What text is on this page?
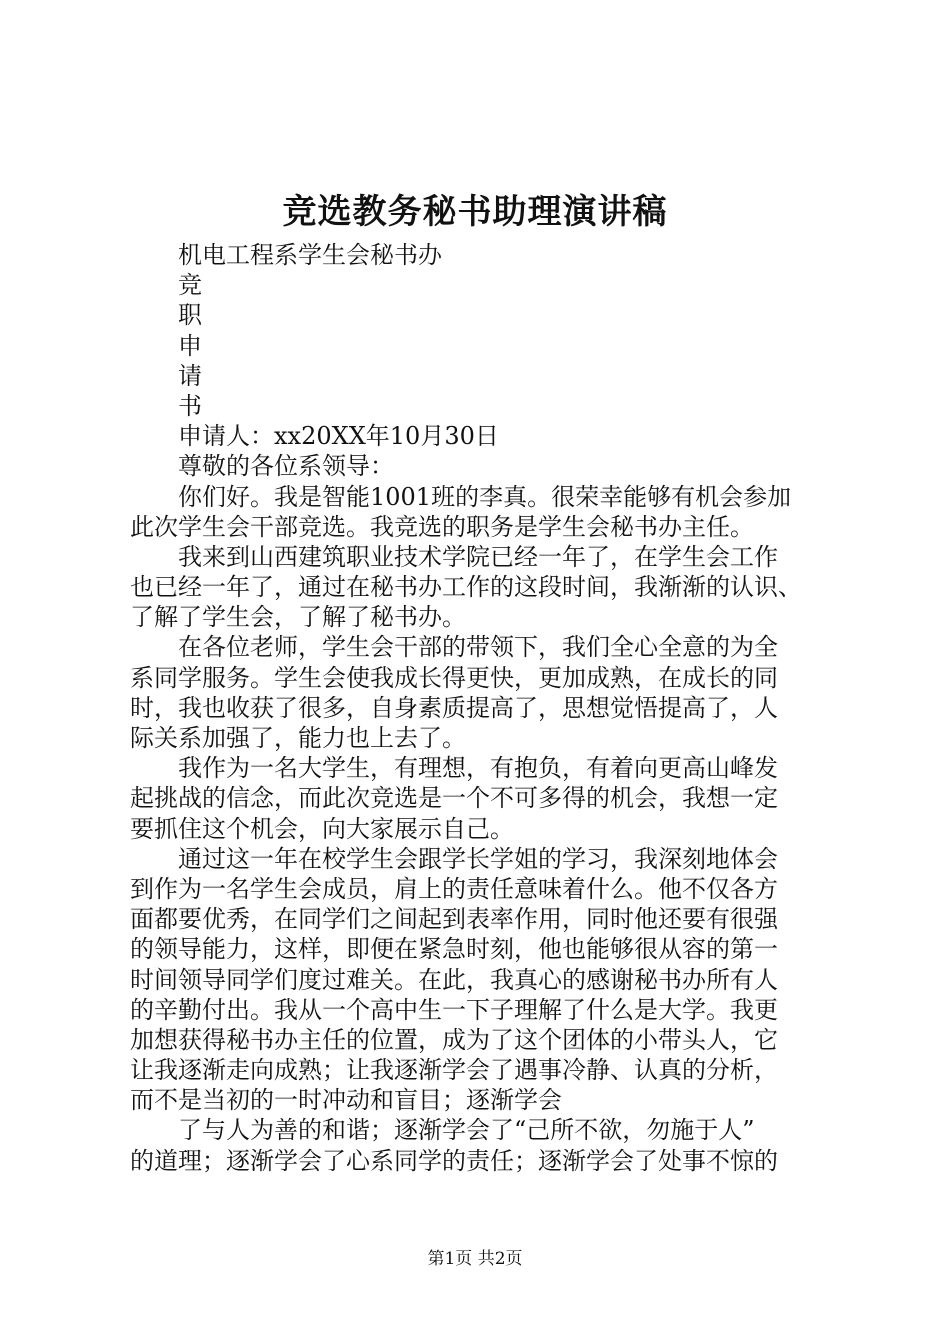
竞选教务秘书助理演讲稿
机电工程系学生会秘书办
竞
职
申
请
书
申请人：xx20XX年10月30日
尊敬的各位系领导：
你们好。我是智能1001班的李真。很荣幸能够有机会参加
此次学生会干部竞选。我竞选的职务是学生会秘书办主任。
我来到山西建筑职业技术学院已经一年了，在学生会工作
也已经一年了，通过在秘书办工作的这段时间，我渐渐的认识、
了解了学生会，了解了秘书办。
在各位老师，学生会干部的带领下，我们全心全意的为全
系同学服务。学生会使我成长得更快，更加成熟，在成长的同
时，我也收获了很多，自身素质提高了，思想觉悟提高了，人
际关系加强了，能力也上去了。
我作为一名大学生，有理想，有抱负，有着向更高山峰发
起挑战的信念，而此次竞选是一个不可多得的机会，我想一定
要抓住这个机会，向大家展示自己。
通过这一年在校学生会跟学长学姐的学习，我深刻地体会
到作为一名学生会成员，肩上的责任意味着什么。他不仅各方
面都要优秀，在同学们之间起到表率作用，同时他还要有很强
的领导能力，这样，即便在紧急时刻，他也能够很从容的第一
时间领导同学们度过难关。在此，我真心的感谢秘书办所有人
的辛勤付出。我从一个高中生一下子理解了什么是大学。我更
加想获得秘书办主任的位置，成为了这个团体的小带头人，它
让我逐渐走向成熟；让我逐渐学会了遇事冷静、认真的分析，
而不是当初的一时冲动和盲目；逐渐学会
了与人为善的和谐；逐渐学会了“己所不欲，勿施于人”
的道理；逐渐学会了心系同学的责任；逐渐学会了处事不惊的
第1页 共2页
